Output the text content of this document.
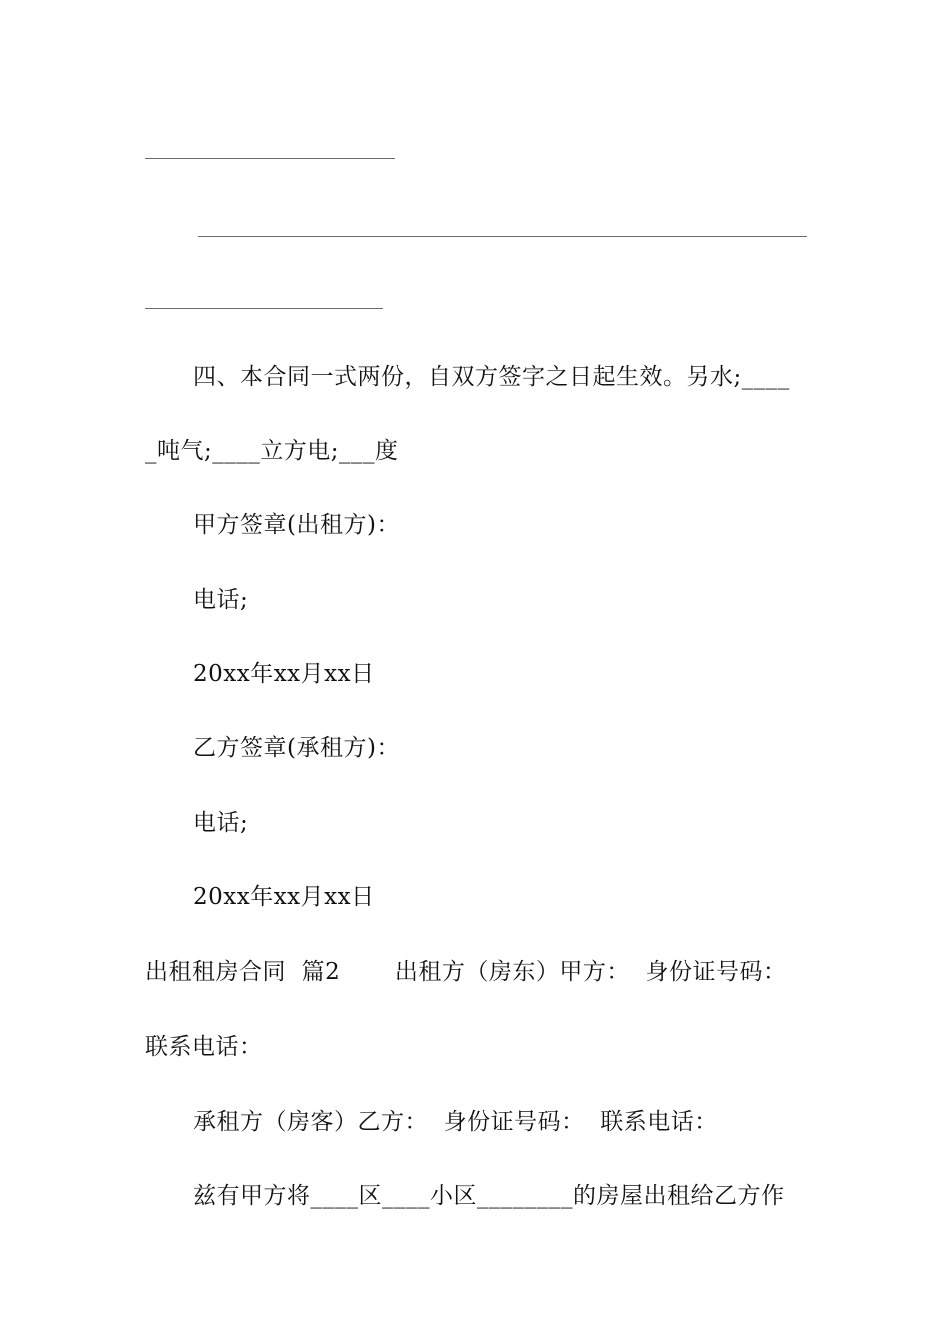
四、本合同一式两份，自双方签字之日起生效。另水;____
_吨气;____立方电;___度
甲方签章(出租方)：
电话;
20xx年xx月xx日
乙方签章(承租方)：
电话;
20xx年xx月xx日
出租租房合同  篇2       出租方（房东）甲方：  身份证号码：
联系电话：
承租方（房客）乙方：  身份证号码：  联系电话：
兹有甲方将____区____小区________的房屋出租给乙方作
